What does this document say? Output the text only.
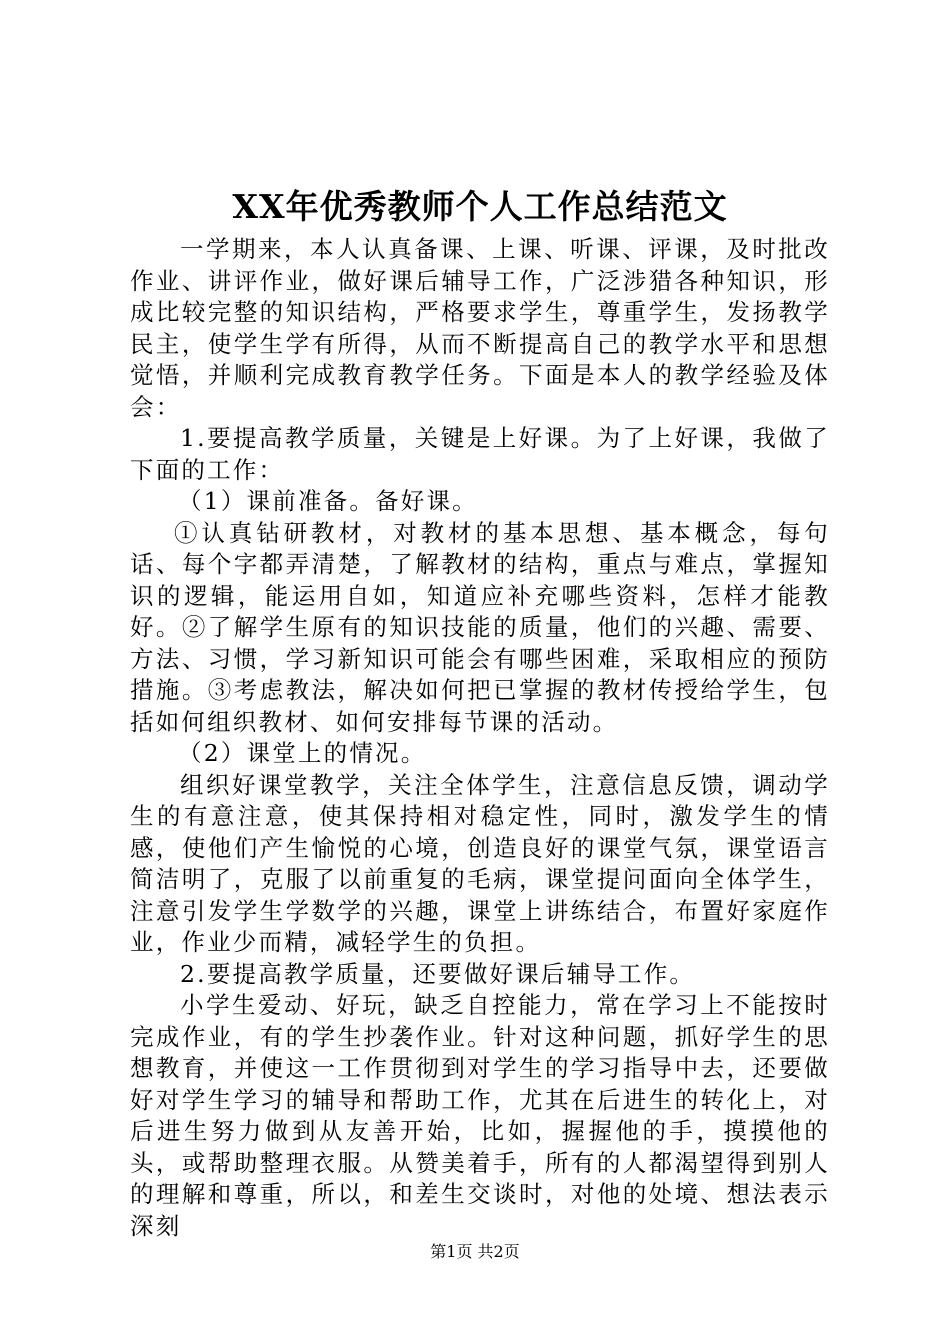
XX年优秀教师个人工作总结范文

一学期来，本人认真备课、上课、听课、评课，及时批改作业、讲评作业，做好课后辅导工作，广泛涉猎各种知识，形成比较完整的知识结构，严格要求学生，尊重学生，发扬教学民主，使学生学有所得，从而不断提高自己的教学水平和思想觉悟，并顺利完成教育教学任务。下面是本人的教学经验及体会：

1.要提高教学质量，关键是上好课。为了上好课，我做了下面的工作：

（1）课前准备。备好课。

①认真钻研教材，对教材的基本思想、基本概念，每句话、每个字都弄清楚，了解教材的结构，重点与难点，掌握知识的逻辑，能运用自如，知道应补充哪些资料，怎样才能教好。②了解学生原有的知识技能的质量，他们的兴趣、需要、方法、习惯，学习新知识可能会有哪些困难，采取相应的预防措施。③考虑教法，解决如何把已掌握的教材传授给学生，包括如何组织教材、如何安排每节课的活动。

（2）课堂上的情况。

组织好课堂教学，关注全体学生，注意信息反馈，调动学生的有意注意，使其保持相对稳定性，同时，激发学生的情感，使他们产生愉悦的心境，创造良好的课堂气氛，课堂语言简洁明了，克服了以前重复的毛病，课堂提问面向全体学生，注意引发学生学数学的兴趣，课堂上讲练结合，布置好家庭作业，作业少而精，减轻学生的负担。

2.要提高教学质量，还要做好课后辅导工作。

小学生爱动、好玩，缺乏自控能力，常在学习上不能按时完成作业，有的学生抄袭作业。针对这种问题，抓好学生的思想教育，并使这一工作贯彻到对学生的学习指导中去，还要做好对学生学习的辅导和帮助工作，尤其在后进生的转化上，对后进生努力做到从友善开始，比如，握握他的手，摸摸他的头，或帮助整理衣服。从赞美着手，所有的人都渴望得到别人的理解和尊重，所以，和差生交谈时，对他的处境、想法表示深刻

第1页 共2页
